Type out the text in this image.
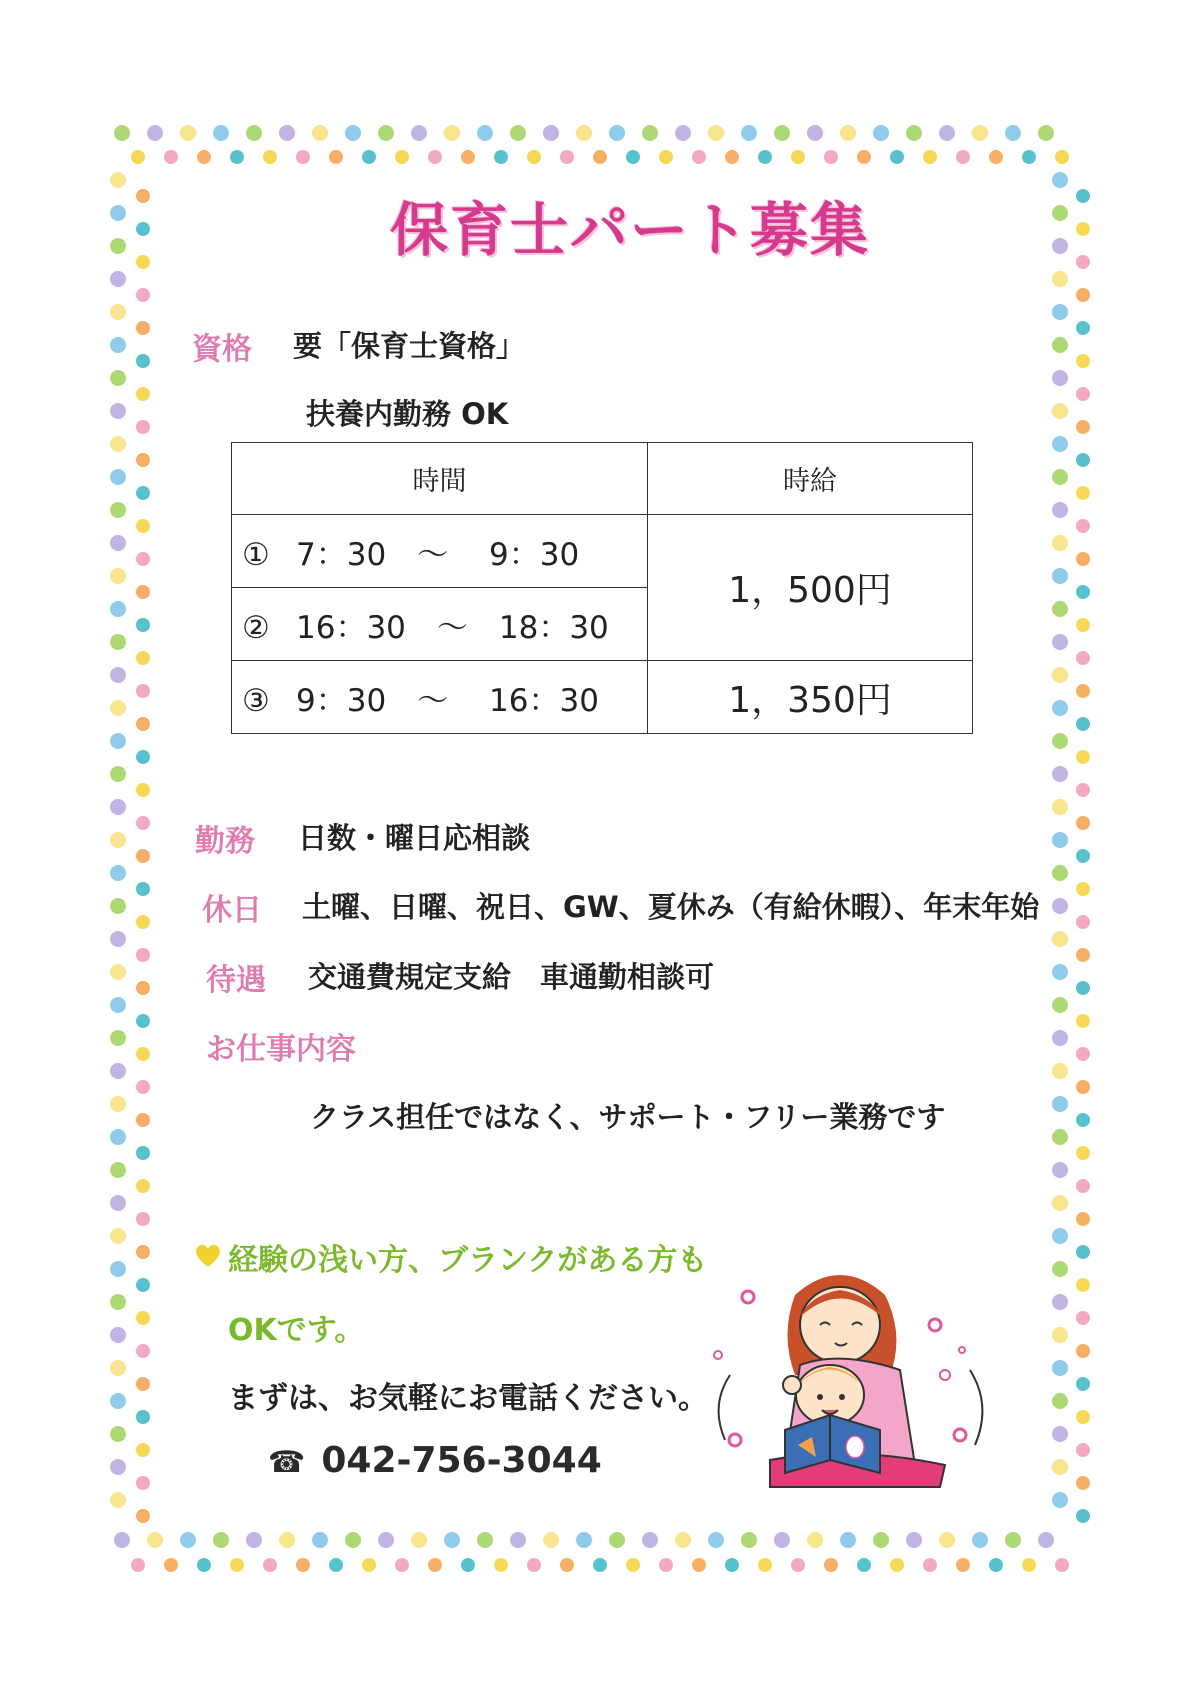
保育士パート募集
資格 要「保育士資格」
扶養内勤務 OK
時間	時給
① 7：30　～　 9：30	1，500円
② 16：30　～　18：30	
③ 9：30　～　 16：30	1，350円
勤務 日数・曜日応相談
休日 土曜、日曜、祝日、GW、夏休み（有給休暇）、年末年始
待遇 交通費規定支給　車通勤相談可
お仕事内容
クラス担任ではなく、サポート・フリー業務です
経験の浅い方、ブランクがある方も
OKです。
まずは、お気軽にお電話ください。
☎ 042-756-3044
